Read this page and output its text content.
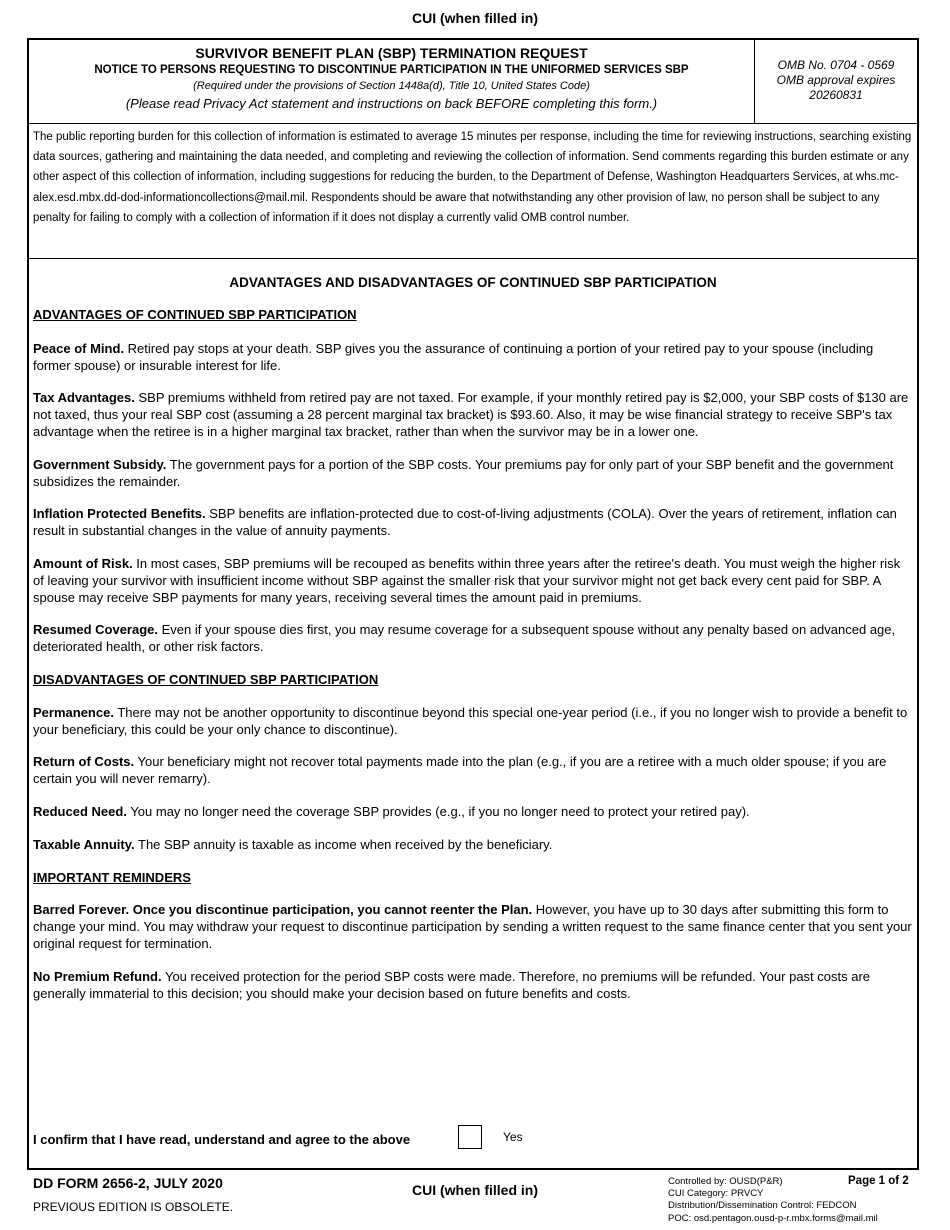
CUI (when filled in)
SURVIVOR BENEFIT PLAN (SBP) TERMINATION REQUEST
NOTICE TO PERSONS REQUESTING TO DISCONTINUE PARTICIPATION IN THE UNIFORMED SERVICES SBP
(Required under the provisions of Section 1448a(d), Title 10, United States Code)
(Please read Privacy Act statement and instructions on back BEFORE completing this form.)
OMB No. 0704 - 0569
OMB approval expires
20260831
The public reporting burden for this collection of information is estimated to average 15 minutes per response, including the time for reviewing instructions, searching existing data sources, gathering and maintaining the data needed, and completing and reviewing the collection of information. Send comments regarding this burden estimate or any other aspect of this collection of information, including suggestions for reducing the burden, to the Department of Defense, Washington Headquarters Services, at whs.mc-alex.esd.mbx.dd-dod-informationcollections@mail.mil. Respondents should be aware that notwithstanding any other provision of law, no person shall be subject to any penalty for failing to comply with a collection of information if it does not display a currently valid OMB control number.
ADVANTAGES AND DISADVANTAGES OF CONTINUED SBP PARTICIPATION

ADVANTAGES OF CONTINUED SBP PARTICIPATION

Peace of Mind. Retired pay stops at your death. SBP gives you the assurance of continuing a portion of your retired pay to your spouse (including former spouse) or insurable interest for life.

Tax Advantages. SBP premiums withheld from retired pay are not taxed. For example, if your monthly retired pay is $2,000, your SBP costs of $130 are not taxed, thus your real SBP cost (assuming a 28 percent marginal tax bracket) is $93.60. Also, it may be wise financial strategy to receive SBP's tax advantage when the retiree is in a higher marginal tax bracket, rather than when the survivor may be in a lower one.

Government Subsidy. The government pays for a portion of the SBP costs. Your premiums pay for only part of your SBP benefit and the government subsidizes the remainder.

Inflation Protected Benefits. SBP benefits are inflation-protected due to cost-of-living adjustments (COLA). Over the years of retirement, inflation can result in substantial changes in the value of annuity payments.

Amount of Risk. In most cases, SBP premiums will be recouped as benefits within three years after the retiree's death. You must weigh the higher risk of leaving your survivor with insufficient income without SBP against the smaller risk that your survivor might not get back every cent paid for SBP. A spouse may receive SBP payments for many years, receiving several times the amount paid in premiums.

Resumed Coverage. Even if your spouse dies first, you may resume coverage for a subsequent spouse without any penalty based on advanced age, deteriorated health, or other risk factors.

DISADVANTAGES OF CONTINUED SBP PARTICIPATION

Permanence. There may not be another opportunity to discontinue beyond this special one-year period (i.e., if you no longer wish to provide a benefit to your beneficiary, this could be your only chance to discontinue).

Return of Costs. Your beneficiary might not recover total payments made into the plan (e.g., if you are a retiree with a much older spouse; if you are certain you will never remarry).

Reduced Need. You may no longer need the coverage SBP provides (e.g., if you no longer need to protect your retired pay).

Taxable Annuity. The SBP annuity is taxable as income when received by the beneficiary.

IMPORTANT REMINDERS

Barred Forever. Once you discontinue participation, you cannot reenter the Plan. However, you have up to 30 days after submitting this form to change your mind. You may withdraw your request to discontinue participation by sending a written request to the same finance center that you sent your original request for termination.

No Premium Refund. You received protection for the period SBP costs were made. Therefore, no premiums will be refunded. Your past costs are generally immaterial to this decision; you should make your decision based on future benefits and costs.

I confirm that I have read, understand and agree to the above	Yes
DD FORM 2656-2, JULY 2020
PREVIOUS EDITION IS OBSOLETE.
CUI (when filled in)
Controlled by: OUSD(P&R)
CUI Category: PRVCY
Distribution/Dissemination Control: FEDCON
POC: osd.pentagon.ousd-p-r.mbx.forms@mail.mil
Page 1 of 2
